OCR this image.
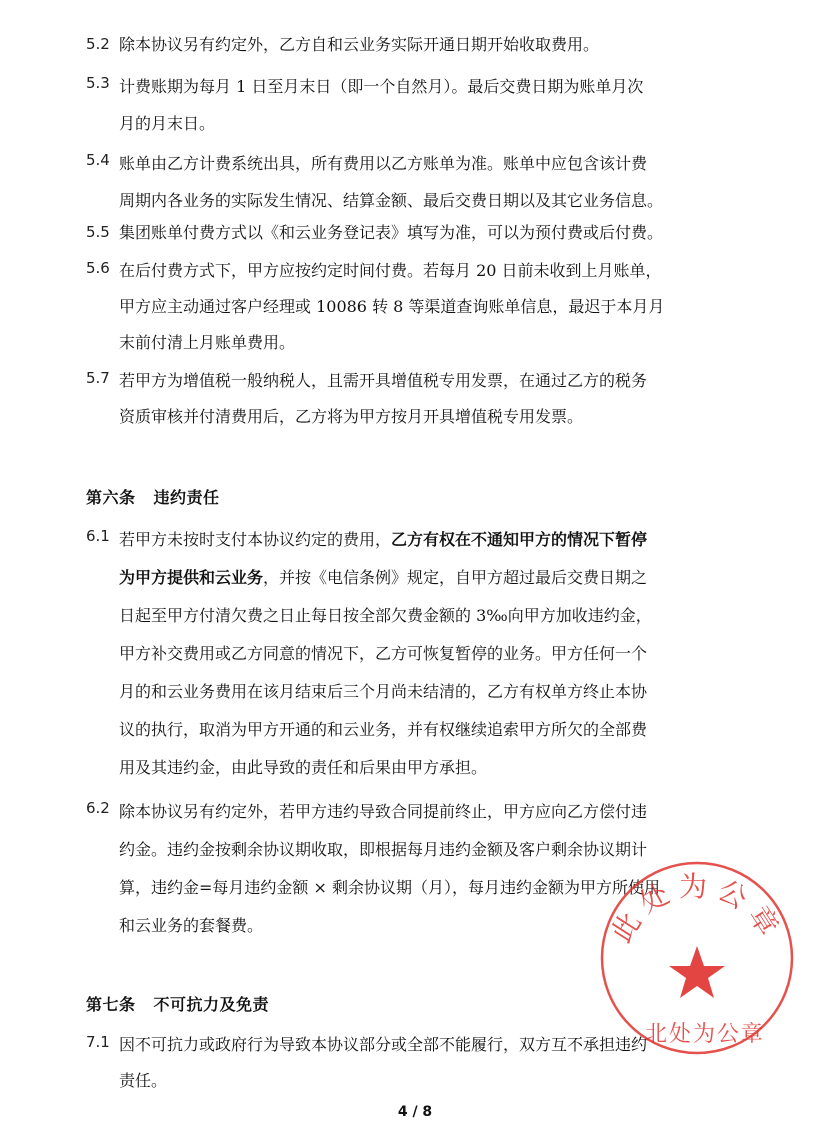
5.2 除本协议另有约定外，乙方自和云业务实际开通日期开始收取费用。
5.3 计费账期为每月 1 日至月末日（即一个自然月）。最后交费日期为账单月次
月的月末日。
5.4 账单由乙方计费系统出具，所有费用以乙方账单为准。账单中应包含该计费
周期内各业务的实际发生情况、结算金额、最后交费日期以及其它业务信息。
5.5 集团账单付费方式以《和云业务登记表》填写为准，可以为预付费或后付费。
5.6 在后付费方式下，甲方应按约定时间付费。若每月 20 日前未收到上月账单，
甲方应主动通过客户经理或 10086 转 8 等渠道查询账单信息，最迟于本月月
末前付清上月账单费用。
5.7 若甲方为增值税一般纳税人，且需开具增值税专用发票，在通过乙方的税务
资质审核并付清费用后，乙方将为甲方按月开具增值税专用发票。
第六条 违约责任
6.1 若甲方未按时支付本协议约定的费用，乙方有权在不通知甲方的情况下暂停
为甲方提供和云业务，并按《电信条例》规定，自甲方超过最后交费日期之
日起至甲方付清欠费之日止每日按全部欠费金额的 3‰向甲方加收违约金，
甲方补交费用或乙方同意的情况下，乙方可恢复暂停的业务。甲方任何一个
月的和云业务费用在该月结束后三个月尚未结清的，乙方有权单方终止本协
议的执行，取消为甲方开通的和云业务，并有权继续追索甲方所欠的全部费
用及其违约金，由此导致的责任和后果由甲方承担。
6.2 除本协议另有约定外，若甲方违约导致合同提前终止，甲方应向乙方偿付违
约金。违约金按剩余协议期收取，即根据每月违约金额及客户剩余协议期计
算，违约金=每月违约金额 × 剩余协议期（月），每月违约金额为甲方所使用
和云业务的套餐费。
第七条 不可抗力及免责
7.1 因不可抗力或政府行为导致本协议部分或全部不能履行，双方互不承担违约
责任。
此处为公章
北处为公章
4 / 8
